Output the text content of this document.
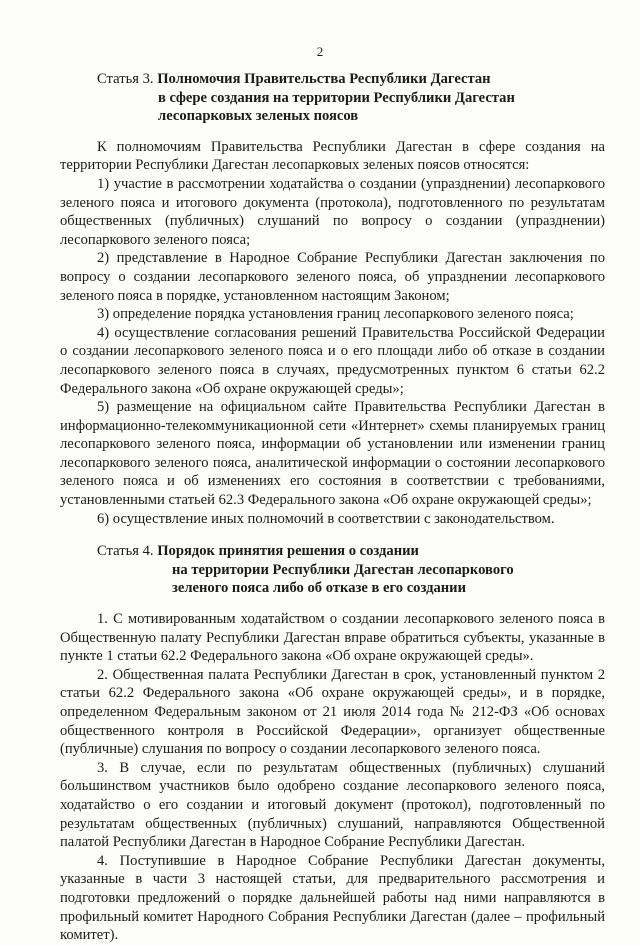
2
Статья 3. Полномочия Правительства Республики Дагестан
в сфере создания на территории Республики Дагестан
лесопарковых зеленых поясов

К полномочиям Правительства Республики Дагестан в сфере создания на территории Республики Дагестан лесопарковых зеленых поясов относятся:

1) участие в рассмотрении ходатайства о создании (упразднении) лесопаркового зеленого пояса и итогового документа (протокола), подготовленного по результатам общественных (публичных) слушаний по вопросу о создании (упразднении) лесопаркового зеленого пояса;

2) представление в Народное Собрание Республики Дагестан заключения по вопросу о создании лесопаркового зеленого пояса, об упразднении лесопаркового зеленого пояса в порядке, установленном настоящим Законом;

3) определение порядка установления границ лесопаркового зеленого пояса;

4) осуществление согласования решений Правительства Российской Федерации о создании лесопаркового зеленого пояса и о его площади либо об отказе в создании лесопаркового зеленого пояса в случаях, предусмотренных пунктом 6 статьи 62.2 Федерального закона «Об охране окружающей среды»;

5) размещение на официальном сайте Правительства Республики Дагестан в информационно-телекоммуникационной сети «Интернет» схемы планируемых границ лесопаркового зеленого пояса, информации об установлении или изменении границ лесопаркового зеленого пояса, аналитической информации о состоянии лесопаркового зеленого пояса и об изменениях его состояния в соответствии с требованиями, установленными статьей 62.3 Федерального закона «Об охране окружающей среды»;

6) осуществление иных полномочий в соответствии с законодательством.

Статья 4. Порядок принятия решения о создании
на территории Республики Дагестан лесопаркового
зеленого пояса либо об отказе в его создании

1. С мотивированным ходатайством о создании лесопаркового зеленого пояса в Общественную палату Республики Дагестан вправе обратиться субъекты, указанные в пункте 1 статьи 62.2 Федерального закона «Об охране окружающей среды».

2. Общественная палата Республики Дагестан в срок, установленный пунктом 2 статьи 62.2 Федерального закона «Об охране окружающей среды», и в порядке, определенном Федеральным законом от 21 июля 2014 года № 212-ФЗ «Об основах общественного контроля в Российской Федерации», организует общественные (публичные) слушания по вопросу о создании лесопаркового зеленого пояса.

3. В случае, если по результатам общественных (публичных) слушаний большинством участников было одобрено создание лесопаркового зеленого пояса, ходатайство о его создании и итоговый документ (протокол), подготовленный по результатам общественных (публичных) слушаний, направляются Общественной палатой Республики Дагестан в Народное Собрание Республики Дагестан.

4. Поступившие в Народное Собрание Республики Дагестан документы, указанные в части 3 настоящей статьи, для предварительного рассмотрения и подготовки предложений о порядке дальнейшей работы над ними направляются в профильный комитет Народного Собрания Республики Дагестан (далее – профильный комитет).
